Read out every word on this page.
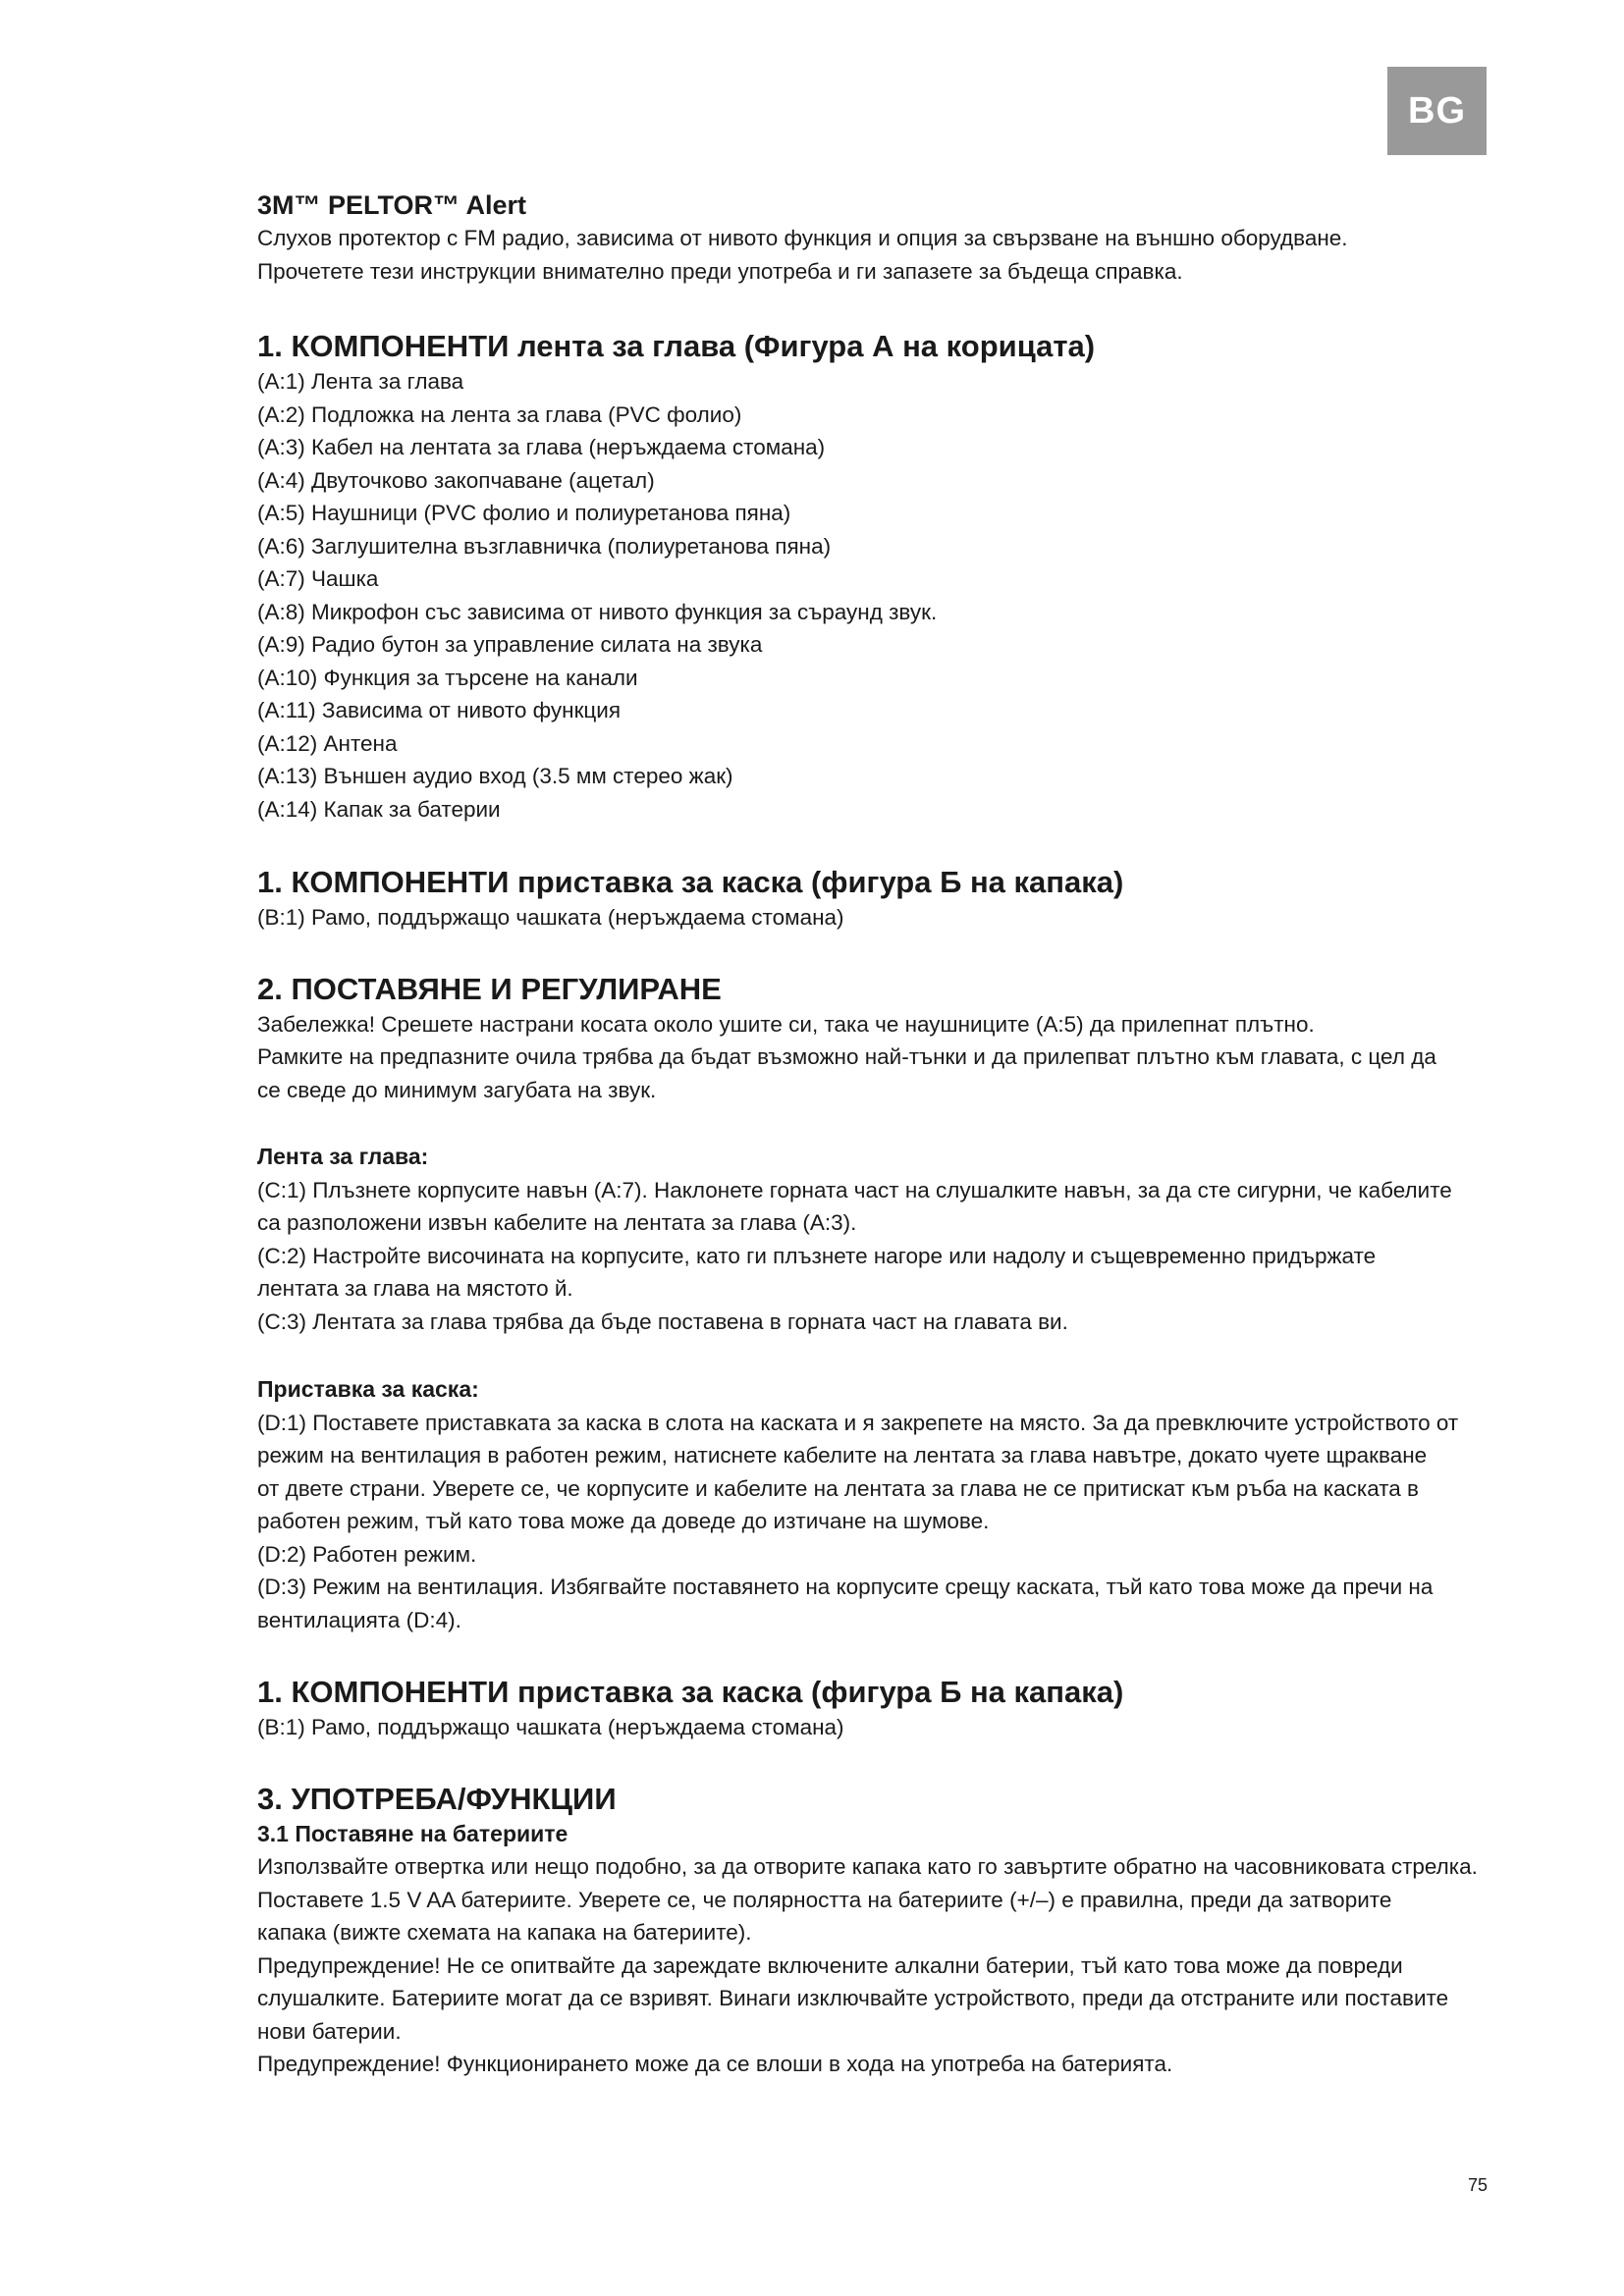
BG

3M™ PELTOR™ Alert

Слухов протектор с FM радио, зависима от нивото функция и опция за свързване на външно оборудване.

Прочетете тези инструкции внимателно преди употреба и ги запазете за бъдеща справка.

1. КОМПОНЕНТИ лента за глава (Фигура А на корицата)

(A:1) Лента за глава
(A:2) Подложка на лента за глава (PVC фолио)
(A:3) Кабел на лентата за глава (неръждаема стомана)
(A:4) Двуточково закопчаване (ацетал)
(A:5) Наушници (PVC фолио и полиуретанова пяна)
(A:6) Заглушителна възглавничка (полиуретанова пяна)
(A:7) Чашка
(A:8) Микрофон със зависима от нивото функция за съраунд звук.
(A:9) Радио бутон за управление силата на звука
(A:10) Функция за търсене на канали
(A:11) Зависима от нивото функция
(A:12) Антена
(A:13) Външен аудио вход (3.5 мм стерео жак)
(A:14) Капак за батерии

1. КОМПОНЕНТИ приставка за каска (фигура Б на капака)

(B:1) Рамо, поддържащо чашката (неръждаема стомана)

2. ПОСТАВЯНЕ И РЕГУЛИРАНЕ

Забележка! Срешете настрани косата около ушите си, така че наушниците (A:5) да прилепнат плътно.

Рамките на предпазните очила трябва да бъдат възможно най-тънки и да прилепват плътно към главата, с цел да

се сведе до минимум загубата на звук.

Лента за глава:

(C:1) Плъзнете корпусите навън (A:7). Наклонете горната част на слушалките навън, за да сте сигурни, че кабелите

са разположени извън кабелите на лентата за глава (A:3).

(C:2) Настройте височината на корпусите, като ги плъзнете нагоре или надолу и същевременно придържате

лентата за глава на мястото й.

(C:3) Лентата за глава трябва да бъде поставена в горната част на главата ви.

Приставка за каска:

(D:1) Поставете приставката за каска в слота на каската и я закрепете на място. За да превключите устройството от

режим на вентилация в работен режим, натиснете кабелите на лентата за глава навътре, докато чуете щракване

от двете страни. Уверете се, че корпусите и кабелите на лентата за глава не се притискат към ръба на каската в

работен режим, тъй като това може да доведе до изтичане на шумове.

(D:2) Работен режим.

(D:3) Режим на вентилация. Избягвайте поставянето на корпусите срещу каската, тъй като това може да пречи на

вентилацията (D:4).

1. КОМПОНЕНТИ приставка за каска (фигура Б на капака)

(B:1) Рамо, поддържащо чашката (неръждаема стомана)

3. УПОТРЕБА/ФУНКЦИИ

3.1 Поставяне на батериите

Използвайте отвертка или нещо подобно, за да отворите капака като го завъртите обратно на часовниковата стрелка.

Поставете 1.5 V AA батериите. Уверете се, че полярността на батериите (+/–) е правилна, преди да затворите

капака (вижте схемата на капака на батериите).

Предупреждение! Не се опитвайте да зареждате включените алкални батерии, тъй като това може да повреди

слушалките. Батериите могат да се взривят. Винаги изключвайте устройството, преди да отстраните или поставите

нови батерии.

Предупреждение! Функционирането може да се влоши в хода на употреба на батерията.

75
